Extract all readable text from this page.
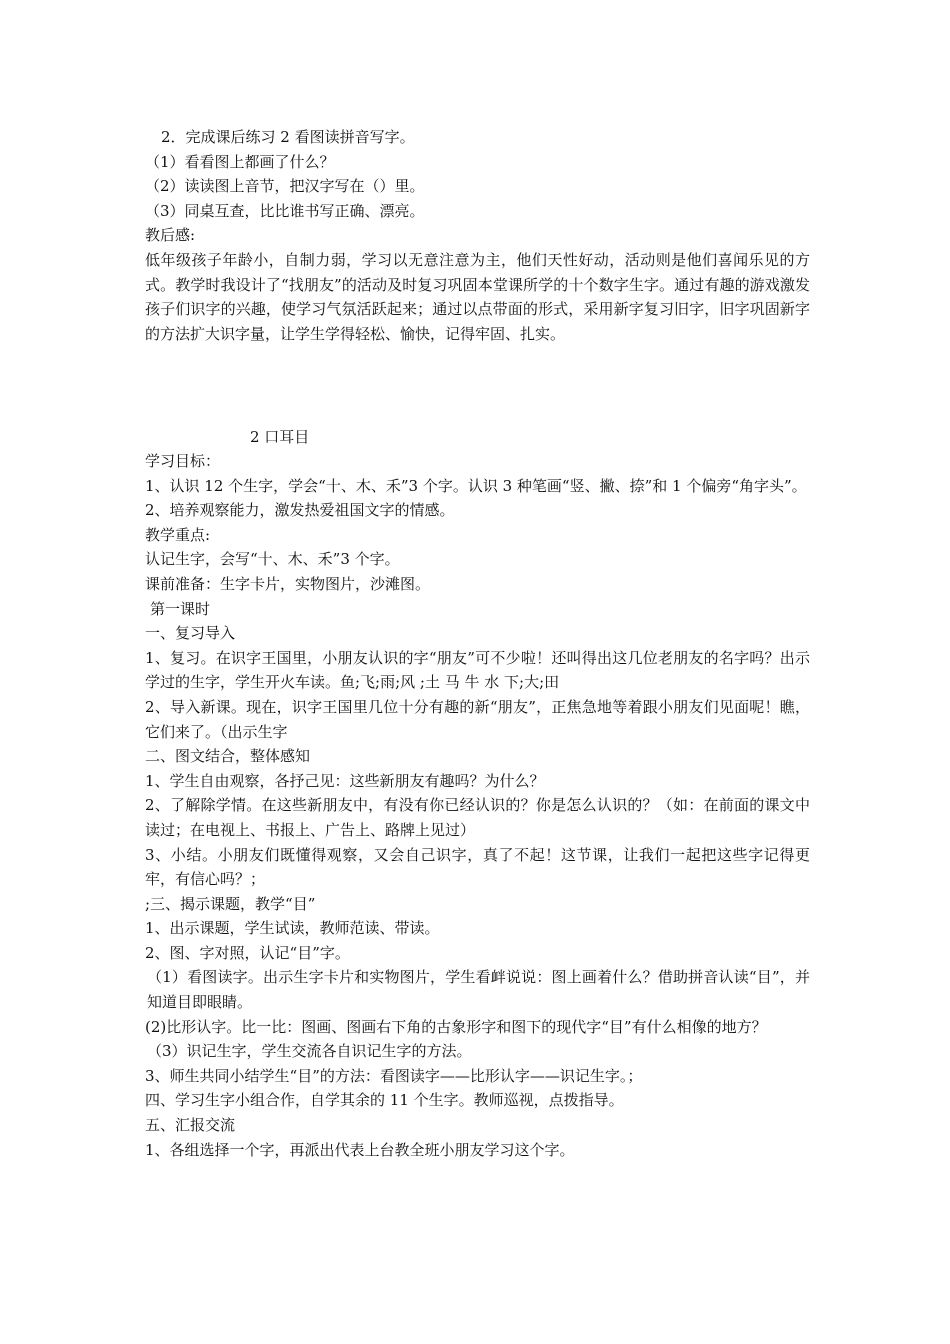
2．完成课后练习 2 看图读拼音写字。
（1）看看图上都画了什么？
（2）读读图上音节，把汉字写在（）里。
（3）同桌互查，比比谁书写正确、漂亮。
教后感:
低年级孩子年龄小，自制力弱，学习以无意注意为主，他们天性好动，活动则是他们喜闻乐见的方式。教学时我设计了“找朋友”的活动及时复习巩固本堂课所学的十个数字生字。通过有趣的游戏激发孩子们识字的兴趣，使学习气氛活跃起来；通过以点带面的形式，采用新字复习旧字，旧字巩固新字的方法扩大识字量，让学生学得轻松、愉快，记得牢固、扎实。
2 口耳目
学习目标：
1、认识 12 个生字，学会“十、木、禾”3 个字。认识 3 种笔画“竖、撇、捺”和 1 个偏旁“角字头”。
2、培养观察能力，激发热爱祖国文字的情感。
教学重点:
认记生字，会写“十、木、禾”3 个字。
课前准备：生字卡片，实物图片，沙滩图。
第一课时
一、复习导入
1、复习。在识字王国里，小朋友认识的字“朋友”可不少啦！还叫得出这几位老朋友的名字吗？出示学过的生字，学生开火车读。鱼;飞;雨;风 ;土 马 牛 水 下;大;田
2、导入新课。现在，识字王国里几位十分有趣的新“朋友”，正焦急地等着跟小朋友们见面呢！瞧，它们来了。（出示生字
二、图文结合，整体感知
1、学生自由观察，各抒己见：这些新朋友有趣吗？为什么？
2、了解除学情。在这些新朋友中，有没有你已经认识的？你是怎么认识的？（如：在前面的课文中读过；在电视上、书报上、广告上、路牌上见过）
3、小结。小朋友们既懂得观察，又会自己识字，真了不起！这节课，让我们一起把这些字记得更牢，有信心吗？；
;三、揭示课题，教学“目”
1、出示课题，学生试读，教师范读、带读。
2、图、字对照，认记“目”字。
（1）看图读字。出示生字卡片和实物图片，学生看衅说说：图上画着什么？借助拼音认读“目”，并知道目即眼睛。
(2)比形认字。比一比：图画、图画右下角的古象形字和图下的现代字“目”有什么相像的地方？
（3）识记生字，学生交流各自识记生字的方法。
3、师生共同小结学生“目”的方法：看图读字——比形认字——识记生字。；
四、学习生字小组合作，自学其余的 11 个生字。教师巡视，点拨指导。
五、汇报交流
1、各组选择一个字，再派出代表上台教全班小朋友学习这个字。
